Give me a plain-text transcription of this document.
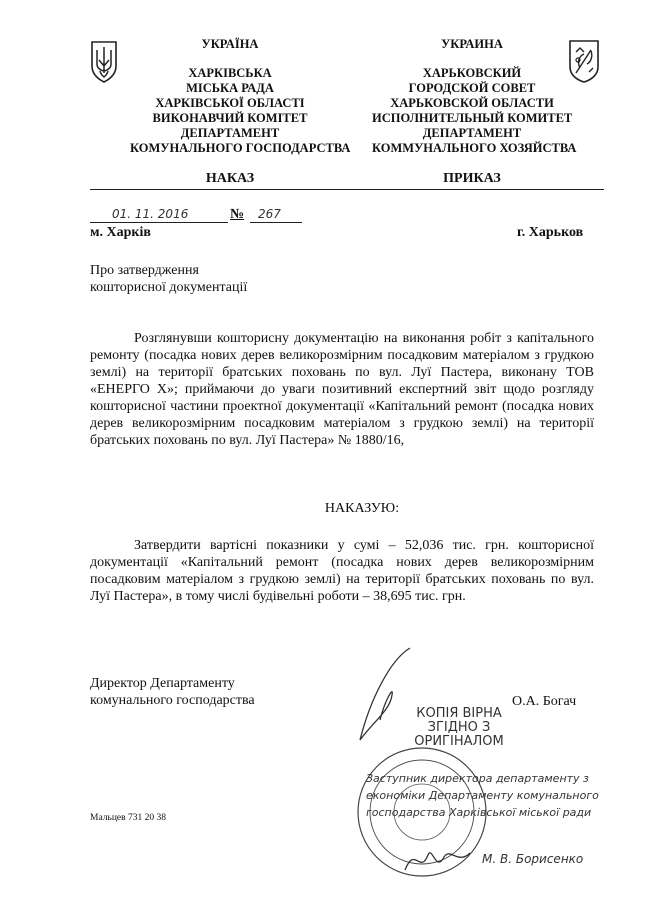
УКРАЇНА
ХАРКІВСЬКА
МІСЬКА РАДА
ХАРКІВСЬКОЇ ОБЛАСТІ
ВИКОНАВЧИЙ КОМІТЕТ
ДЕПАРТАМЕНТ
КОМУНАЛЬНОГО ГОСПОДАРСТВА
УКРАИНА
ХАРЬКОВСКИЙ
ГОРОДСКОЙ СОВЕТ
ХАРЬКОВСКОЙ ОБЛАСТИ
ИСПОЛНИТЕЛЬНЫЙ КОМИТЕТ
ДЕПАРТАМЕНТ
КОММУНАЛЬНОГО ХОЗЯЙСТВА
НАКАЗ	ПРИКАЗ
01. 11. 2016	№ 267
м. Харків	г. Харьков
Про затвердження
кошторисної документації
Розглянувши кошторисну документацію на виконання робіт з капітального ремонту (посадка нових дерев великорозмірним посадковим матеріалом з грудкою землі) на території братських поховань по вул. Луї Пастера, виконану ТОВ «ЕНЕРГО Х»; приймаючи до уваги позитивний експертний звіт щодо розгляду кошторисної частини проектної документації «Капітальний ремонт (посадка нових дерев великорозмірним посадковим матеріалом з грудкою землі) на території братських поховань по вул. Луї Пастера» № 1880/16,
НАКАЗУЮ:
Затвердити вартісні показники у сумі – 52,036 тис. грн. кошторисної документації «Капітальний ремонт (посадка нових дерев великорозмірним посадковим матеріалом з грудкою землі) на території братських поховань по вул. Луї Пастера», в тому числі будівельні роботи – 38,695 тис. грн.
Директор Департаменту
комунального господарства	О.А. Богач
КОПІЯ ВІРНА
ЗГІДНО З
ОРИГІНАЛОМ
Заступник директора департаменту з
економіки Департаменту комунального
господарства Харківської міської ради
М. В. Борисенко
Мальцев 731 20 38
